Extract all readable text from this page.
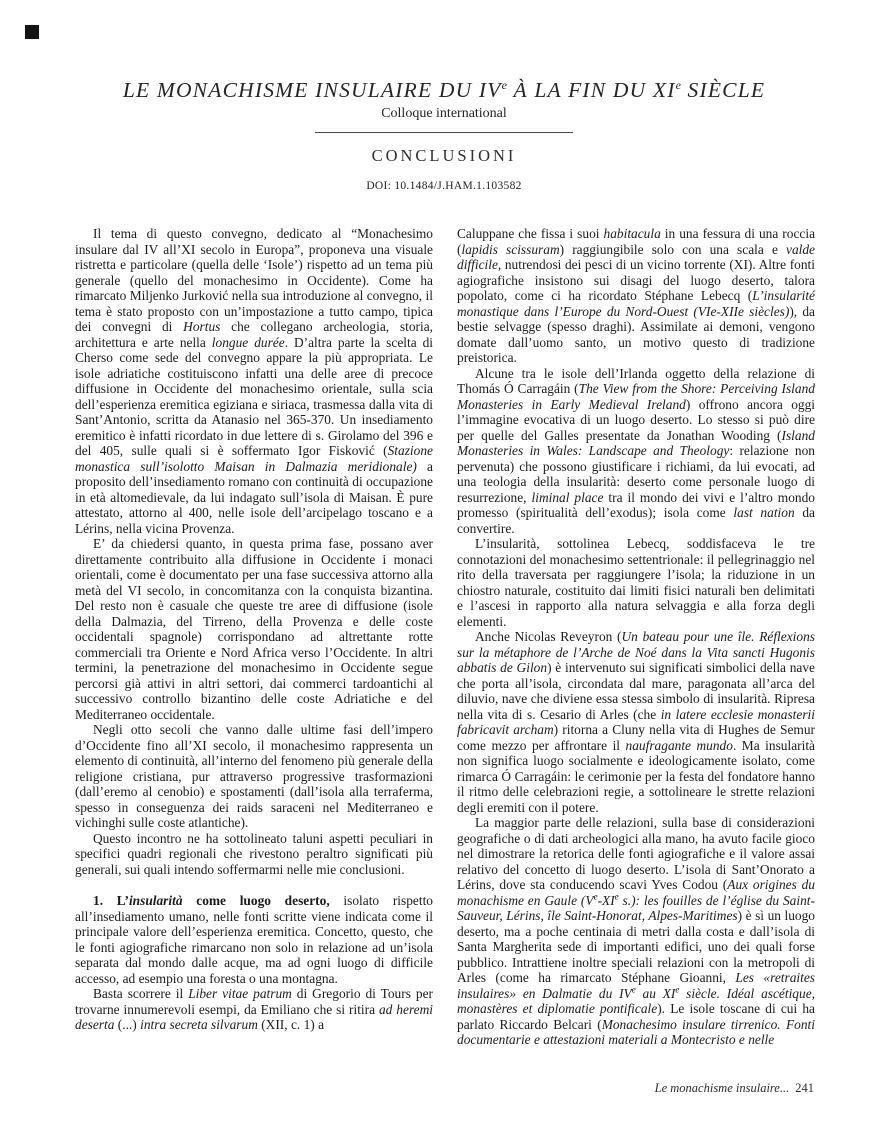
LE MONACHISME INSULAIRE DU IVe À LA FIN DU XIe SIÈCLE
Colloque international
CONCLUSIONI
DOI: 10.1484/J.HAM.1.103582

Il tema di questo convegno, dedicato al “Monachesimo insulare dal IV all’XI secolo in Europa”, proponeva una visuale ristretta e particolare (quella delle ‘Isole’) rispetto ad un tema più generale (quello del monachesimo in Occidente). Come ha rimarcato Miljenko Jurković nella sua introduzione al convegno, il tema è stato proposto con un’impostazione a tutto campo, tipica dei convegni di Hortus che collegano archeologia, storia, architettura e arte nella longue durée. D’altra parte la scelta di Cherso come sede del convegno appare la più appropriata. Le isole adriatiche costituiscono infatti una delle aree di precoce diffusione in Occidente del monachesimo orientale, sulla scia dell’esperienza eremitica egiziana e siriaca, trasmessa dalla vita di Sant’Antonio, scritta da Atanasio nel 365-370. Un insediamento eremitico è infatti ricordato in due lettere di s. Girolamo del 396 e del 405, sulle quali si è soffermato Igor Fisković (Stazione monastica sull’isolotto Maisan in Dalmazia meridionale) a proposito dell’insediamento romano con continuità di occupazione in età altomedievale, da lui indagato sull’isola di Maisan. È pure attestato, attorno al 400, nelle isole dell’arcipelago toscano e a Lérins, nella vicina Provenza.

E’ da chiedersi quanto, in questa prima fase, possano aver direttamente contribuito alla diffusione in Occidente i monaci orientali, come è documentato per una fase successiva attorno alla metà del VI secolo, in concomitanza con la conquista bizantina. Del resto non è casuale che queste tre aree di diffusione (isole della Dalmazia, del Tirreno, della Provenza e delle coste occidentali spagnole) corrispondano ad altrettante rotte commerciali tra Oriente e Nord Africa verso l’Occidente. In altri termini, la penetrazione del monachesimo in Occidente segue percorsi già attivi in altri settori, dai commerci tardoantichi al successivo controllo bizantino delle coste Adriatiche e del Mediterraneo occidentale.

Negli otto secoli che vanno dalle ultime fasi dell’impero d’Occidente fino all’XI secolo, il monachesimo rappresenta un elemento di continuità, all’interno del fenomeno più generale della religione cristiana, pur attraverso progressive trasformazioni (dall’eremo al cenobio) e spostamenti (dall’isola alla terraferma, spesso in conseguenza dei raids saraceni nel Mediterraneo e vichinghi sulle coste atlantiche).

Questo incontro ne ha sottolineato taluni aspetti peculiari in specifici quadri regionali che rivestono peraltro significati più generali, sui quali intendo soffermarmi nelle mie conclusioni.

1. L’insularità come luogo deserto, isolato rispetto all’insediamento umano, nelle fonti scritte viene indicata come il principale valore dell’esperienza eremitica. Concetto, questo, che le fonti agiografiche rimarcano non solo in relazione ad un’isola separata dal mondo dalle acque, ma ad ogni luogo di difficile accesso, ad esempio una foresta o una montagna.

Basta scorrere il Liber vitae patrum di Gregorio di Tours per trovarne innumerevoli esempi, da Emiliano che si ritira ad heremi deserta (...) intra secreta silvarum (XII, c. 1) a

Caluppane che fissa i suoi habitacula in una fessura di una roccia (lapidis scissuram) raggiungibile solo con una scala e valde difficile, nutrendosi dei pesci di un vicino torrente (XI). Altre fonti agiografiche insistono sui disagi del luogo deserto, talora popolato, come ci ha ricordato Stéphane Lebecq (L’insularité monastique dans l’Europe du Nord-Ouest (VIe-XIIe siècles)), da bestie selvagge (spesso draghi). Assimilate ai demoni, vengono domate dall’uomo santo, un motivo questo di tradizione preistorica.

Alcune tra le isole dell’Irlanda oggetto della relazione di Thomás Ó Carragáin (The View from the Shore: Perceiving Island Monasteries in Early Medieval Ireland) offrono ancora oggi l’immagine evocativa di un luogo deserto. Lo stesso si può dire per quelle del Galles presentate da Jonathan Wooding (Island Monasteries in Wales: Landscape and Theology: relazione non pervenuta) che possono giustificare i richiami, da lui evocati, ad una teologia della insularità: deserto come personale luogo di resurrezione, liminal place tra il mondo dei vivi e l’altro mondo promesso (spiritualità dell’exodus); isola come last nation da convertire.

L’insularità, sottolinea Lebecq, soddisfaceva le tre connotazioni del monachesimo settentrionale: il pellegrinaggio nel rito della traversata per raggiungere l’isola; la riduzione in un chiostro naturale, costituito dai limiti fisici naturali ben delimitati e l’ascesi in rapporto alla natura selvaggia e alla forza degli elementi.

Anche Nicolas Reveyron (Un bateau pour une île. Réflexions sur la métaphore de l’Arche de Noé dans la Vita sancti Hugonis abbatis de Gilon) è intervenuto sui significati simbolici della nave che porta all’isola, circondata dal mare, paragonata all’arca del diluvio, nave che diviene essa stessa simbolo di insularità. Ripresa nella vita di s. Cesario di Arles (che in latere ecclesie monasterii fabricavit archam) ritorna a Cluny nella vita di Hughes de Semur come mezzo per affrontare il naufragante mundo. Ma insularità non significa luogo socialmente e ideologicamente isolato, come rimarca Ó Carragáin: le cerimonie per la festa del fondatore hanno il ritmo delle celebrazioni regie, a sottolineare le strette relazioni degli eremiti con il potere.

La maggior parte delle relazioni, sulla base di considerazioni geografiche o di dati archeologici alla mano, ha avuto facile gioco nel dimostrare la retorica delle fonti agiografiche e il valore assai relativo del concetto di luogo deserto. L’isola di Sant’Onorato a Lérins, dove sta conducendo scavi Yves Codou (Aux origines du monachisme en Gaule (Ve-XIe s.): les fouilles de l’église du Saint-Sauveur, Lérins, île Saint-Honorat, Alpes-Maritimes) è sì un luogo deserto, ma a poche centinaia di metri dalla costa e dall’isola di Santa Margherita sede di importanti edifici, uno dei quali forse pubblico. Intrattiene inoltre speciali relazioni con la metropoli di Arles (come ha rimarcato Stéphane Gioanni, Les «retraites insulaires» en Dalmatie du IVe au XIe siècle. Idéal ascétique, monastères et diplomatie pontificale). Le isole toscane di cui ha parlato Riccardo Belcari (Monachesimo insulare tirrenico. Fonti documentarie e attestazioni materiali a Montecristo e nelle

Le monachisme insulaire... 241
